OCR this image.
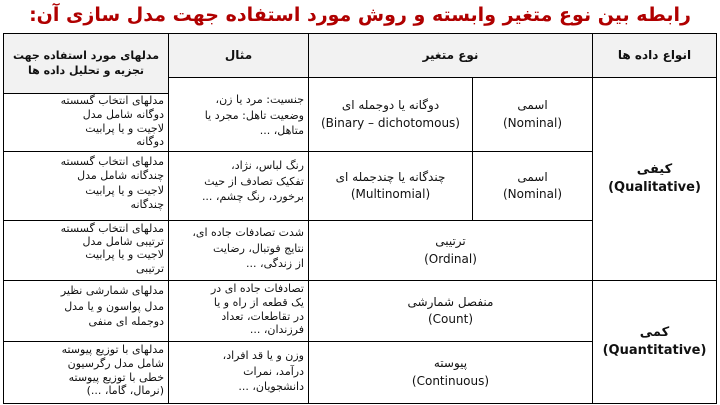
رابطه بین نوع متغیر وابسته و روش مورد استفاده جهت مدل سازی آن:
انواع داده ها
نوع متغیر
مثال
مدلهای مورد استفاده جهت تجزیه و تحلیل داده ها
کیفی
(Qualitative)
کمی
(Quantitative)
اسمی
(Nominal)
دوگانه یا دوجمله ای
(Binary – dichotomous)
جنسیت: مرد یا زن،
وضعیت تاهل: مجرد یا
متاهل، ...
مدلهای انتخاب گسسته
دوگانه شامل مدل
لاجیت و یا پرابیت
دوگانه
اسمی
(Nominal)
چندگانه یا چندجمله ای
(Multinomial)
رنگ لباس، نژاد،
تفکیک تصادف از حیث
برخورد، رنگ چشم، ...
مدلهای انتخاب گسسته
چندگانه شامل مدل
لاجیت و یا پرابیت
چندگانه
ترتیبی
(Ordinal)
شدت تصادفات جاده ای،
نتایج فوتبال، رضایت
از زندگی، ...
مدلهای انتخاب گسسته
ترتیبی شامل مدل
لاجیت و یا پرابیت
ترتیبی
منفصل شمارشی
(Count)
تصادفات جاده ای در
یک قطعه از راه و یا
در تقاطعات، تعداد
فرزندان، ...
مدلهای شمارشی نظیر
مدل پواسون و یا مدل
دوجمله ای منفی
پیوسته
(Continuous)
وزن و یا قد افراد،
درآمد، نمرات
دانشجویان، ...
مدلهای با توزیع پیوسته
شامل مدل رگرسیون
خطی با توزیع پیوسته
(نرمال، گاما، ...)
